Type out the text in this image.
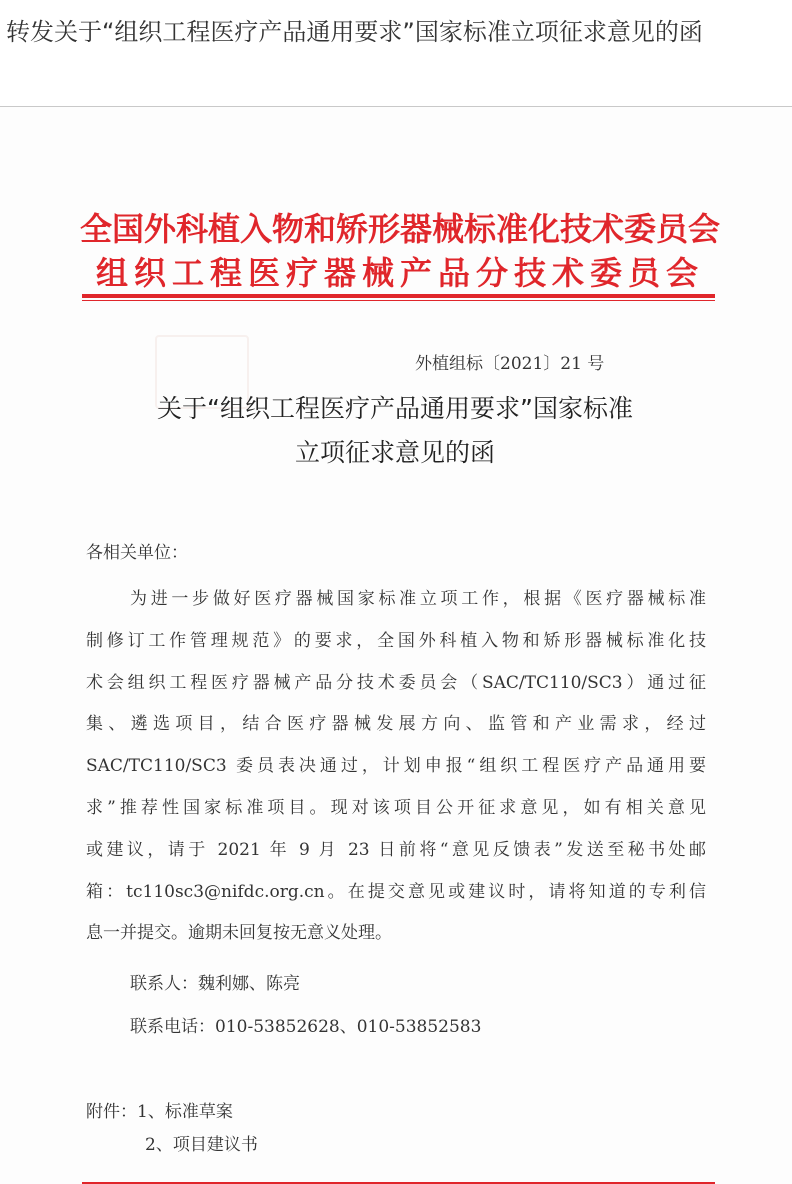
转发关于“组织工程医疗产品通用要求”国家标准立项征求意见的函
全国外科植入物和矫形器械标准化技术委员会
组织工程医疗器械产品分技术委员会
外植组标〔2021〕21 号
关于“组织工程医疗产品通用要求”国家标准
立项征求意见的函
各相关单位：
为进一步做好医疗器械国家标准立项工作，根据《医疗器械标准
制修订工作管理规范》的要求，全国外科植入物和矫形器械标准化技
术会组织工程医疗器械产品分技术委员会（SAC/TC110/SC3）通过征
集、遴选项目，结合医疗器械发展方向、监管和产业需求，经过
SAC/TC110/SC3 委员表决通过，计划申报“组织工程医疗产品通用要
求”推荐性国家标准项目。现对该项目公开征求意见，如有相关意见
或建议，请于 2021 年 9 月 23 日前将“意见反馈表”发送至秘书处邮
箱：tc110sc3@nifdc.org.cn。在提交意见或建议时，请将知道的专利信
息一并提交。逾期未回复按无意义处理。
联系人：魏利娜、陈亮
联系电话：010-53852628、010-53852583
附件：1、标准草案
2、项目建议书
